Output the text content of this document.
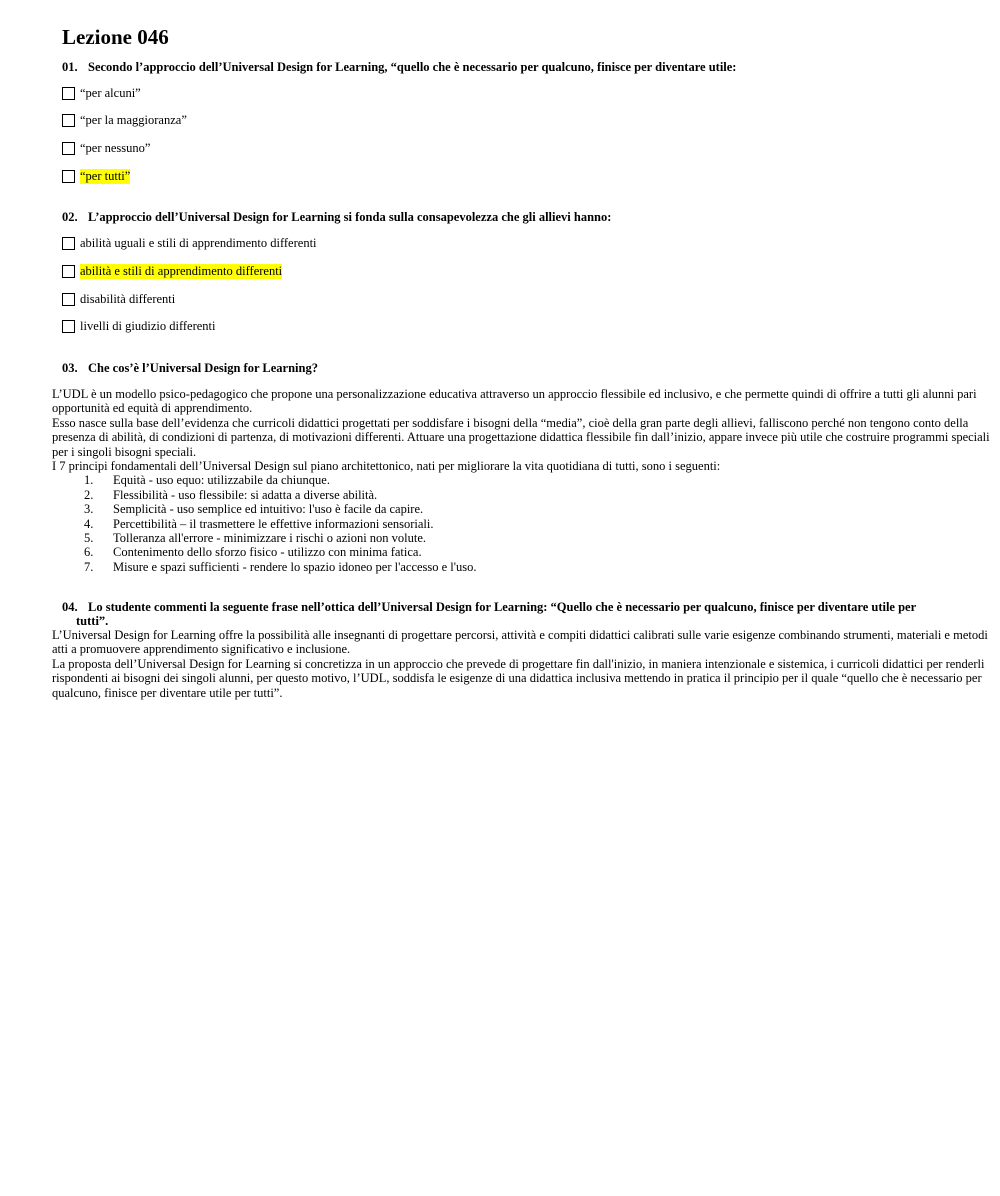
Lezione 046
01. Secondo l’approccio dell’Universal Design for Learning, “quello che è necessario per qualcuno, finisce per diventare utile:
“per alcuni”
“per la maggioranza”
“per nessuno”
“per tutti”
02. L’approccio dell’Universal Design for Learning si fonda sulla consapevolezza che gli allievi hanno:
abilità uguali e stili di apprendimento differenti
abilità e stili di apprendimento differenti
disabilità differenti
livelli di giudizio differenti
03. Che cos’è l’Universal Design for Learning?

L’UDL è un modello psico-pedagogico che propone una personalizzazione educativa attraverso un approccio flessibile ed inclusivo, e che permette quindi di offrire a tutti gli alunni pari opportunità ed equità di apprendimento.

Esso nasce sulla base dell’evidenza che curricoli didattici progettati per soddisfare i bisogni della “media”, cioè della gran parte degli allievi, falliscono perché non tengono conto della presenza di abilità, di condizioni di partenza, di motivazioni differenti. Attuare una progettazione didattica flessibile fin dall’inizio, appare invece più utile che costruire programmi speciali per i singoli bisogni speciali.

I 7 principi fondamentali dell’Universal Design sul piano architettonico, nati per migliorare la vita quotidiana di tutti, sono i seguenti:

1. Equità - uso equo: utilizzabile da chiunque.
2. Flessibilità - uso flessibile: si adatta a diverse abilità.
3. Semplicità - uso semplice ed intuitivo: l'uso è facile da capire.
4. Percettibilità – il trasmettere le effettive informazioni sensoriali.
5. Tolleranza all'errore - minimizzare i rischi o azioni non volute.
6. Contenimento dello sforzo fisico - utilizzo con minima fatica.
7. Misure e spazi sufficienti - rendere lo spazio idoneo per l'accesso e l'uso.
04. Lo studente commenti la seguente frase nell’ottica dell’Universal Design for Learning: “Quello che è necessario per qualcuno, finisce per diventare utile per
tutti”.

L’Universal Design for Learning offre la possibilità alle insegnanti di progettare percorsi, attività e compiti didattici calibrati sulle varie esigenze combinando strumenti, materiali e metodi atti a promuovere apprendimento significativo e inclusione.

La proposta dell’Universal Design for Learning si concretizza in un approccio che prevede di progettare fin dall'inizio, in maniera intenzionale e sistemica, i curricoli didattici per renderli rispondenti ai bisogni dei singoli alunni, per questo motivo, l’UDL, soddisfa le esigenze di una didattica inclusiva mettendo in pratica il principio per il quale “quello che è necessario per qualcuno, finisce per diventare utile per tutti”.
